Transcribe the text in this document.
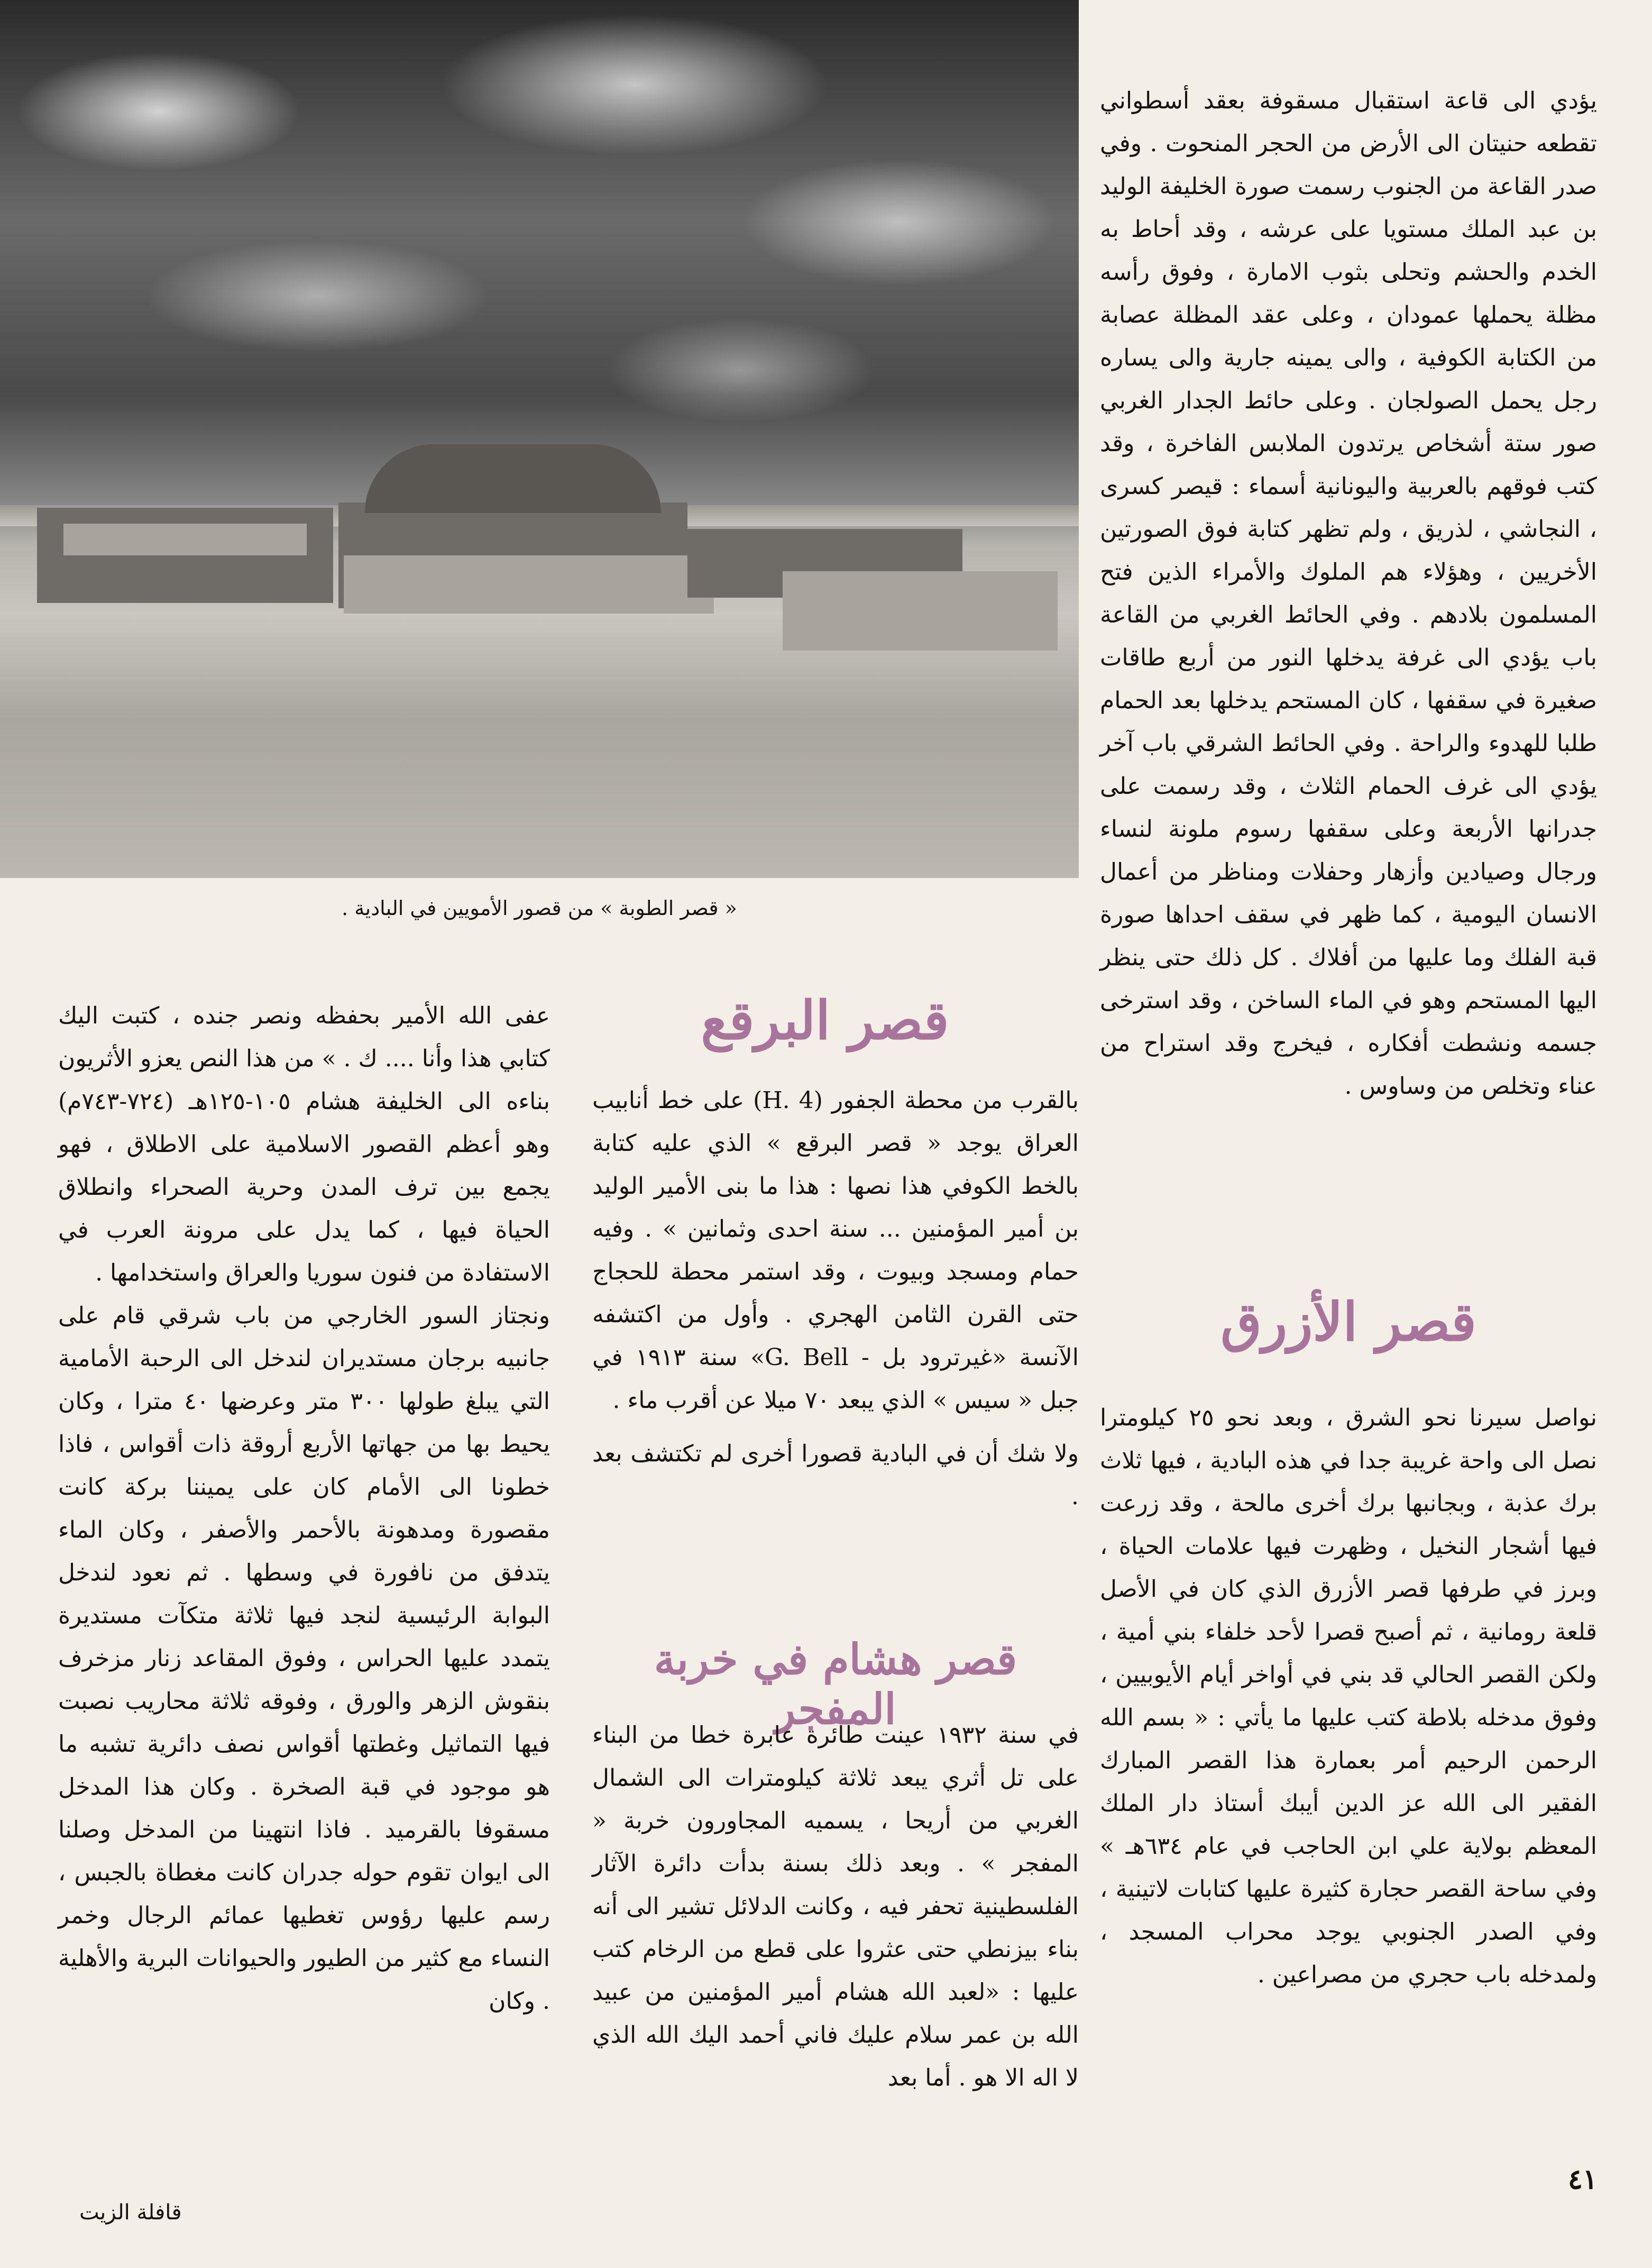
« قصر الطوبة » من قصور الأمويين في البادية .

يؤدي الى قاعة استقبال مسقوفة بعقد أسطواني تقطعه حنيتان الى الأرض من الحجر المنحوت . وفي صدر القاعة من الجنوب رسمت صورة الخليفة الوليد بن عبد الملك مستويا على عرشه ، وقد أحاط به الخدم والحشم وتحلى بثوب الامارة ، وفوق رأسه مظلة يحملها عمودان ، وعلى عقد المظلة عصابة من الكتابة الكوفية ، والى يمينه جارية والى يساره رجل يحمل الصولجان . وعلى حائط الجدار الغربي صور ستة أشخاص يرتدون الملابس الفاخرة ، وقد كتب فوقهم بالعربية واليونانية أسماء : قيصر كسرى ، النجاشي ، لذريق ، ولم تظهر كتابة فوق الصورتين الأخريين ، وهؤلاء هم الملوك والأمراء الذين فتح المسلمون بلادهم . وفي الحائط الغربي من القاعة باب يؤدي الى غرفة يدخلها النور من أربع طاقات صغيرة في سقفها ، كان المستحم يدخلها بعد الحمام طلبا للهدوء والراحة . وفي الحائط الشرقي باب آخر يؤدي الى غرف الحمام الثلاث ، وقد رسمت على جدرانها الأربعة وعلى سقفها رسوم ملونة لنساء ورجال وصيادين وأزهار وحفلات ومناظر من أعمال الانسان اليومية ، كما ظهر في سقف احداها صورة قبة الفلك وما عليها من أفلاك . كل ذلك حتى ينظر اليها المستحم وهو في الماء الساخن ، وقد استرخى جسمه ونشطت أفكاره ، فيخرج وقد استراح من عناء وتخلص من وساوس .

قصر الأزرق

نواصل سيرنا نحو الشرق ، وبعد نحو ٢٥ كيلومترا نصل الى واحة غريبة جدا في هذه البادية ، فيها ثلاث برك عذبة ، وبجانبها برك أخرى مالحة ، وقد زرعت فيها أشجار النخيل ، وظهرت فيها علامات الحياة ، وبرز في طرفها قصر الأزرق الذي كان في الأصل قلعة رومانية ، ثم أصبح قصرا لأحد خلفاء بني أمية ، ولكن القصر الحالي قد بني في أواخر أيام الأيوبيين ، وفوق مدخله بلاطة كتب عليها ما يأتي : « بسم الله الرحمن الرحيم أمر بعمارة هذا القصر المبارك الفقير الى الله عز الدين أيبك أستاذ دار الملك المعظم بولاية علي ابن الحاجب في عام ٦٣٤هـ » وفي ساحة القصر حجارة كثيرة عليها كتابات لاتينية ، وفي الصدر الجنوبي يوجد محراب المسجد ، ولمدخله باب حجري من مصراعين .

قصر البرقع

بالقرب من محطة الجفور (H. 4) على خط أنابيب العراق يوجد « قصر البرقع » الذي عليه كتابة بالخط الكوفي هذا نصها : هذا ما بنى الأمير الوليد بن أمير المؤمنين ... سنة احدى وثمانين » . وفيه حمام ومسجد وبيوت ، وقد استمر محطة للحجاج حتى القرن الثامن الهجري . وأول من اكتشفه الآنسة «غيرترود بل - G. Bell» سنة ١٩١٣ في جبل « سيس » الذي يبعد ٧٠ ميلا عن أقرب ماء .

ولا شك أن في البادية قصورا أخرى لم تكتشف بعد .

قصر هشام في خربة المفجر

في سنة ١٩٣٢ عينت طائرة عابرة خطا من البناء على تل أثري يبعد ثلاثة كيلومترات الى الشمال الغربي من أريحا ، يسميه المجاورون خربة « المفجر » . وبعد ذلك بسنة بدأت دائرة الآثار الفلسطينية تحفر فيه ، وكانت الدلائل تشير الى أنه بناء بيزنطي حتى عثروا على قطع من الرخام كتب عليها : «لعبد الله هشام أمير المؤمنين من عبيد الله بن عمر سلام عليك فاني أحمد اليك الله الذي لا اله الا هو . أما بعد

عفى الله الأمير بحفظه ونصر جنده ، كتبت اليك كتابي هذا وأنا .... ك . » من هذا النص يعزو الأثريون بناءه الى الخليفة هشام ١٠٥-١٢٥هـ (٧٢٤-٧٤٣م) وهو أعظم القصور الاسلامية على الاطلاق ، فهو يجمع بين ترف المدن وحرية الصحراء وانطلاق الحياة فيها ، كما يدل على مرونة العرب في الاستفادة من فنون سوريا والعراق واستخدامها .

ونجتاز السور الخارجي من باب شرقي قام على جانبيه برجان مستديران لندخل الى الرحبة الأمامية التي يبلغ طولها ٣٠٠ متر وعرضها ٤٠ مترا ، وكان يحيط بها من جهاتها الأربع أروقة ذات أقواس ، فاذا خطونا الى الأمام كان على يميننا بركة كانت مقصورة ومدهونة بالأحمر والأصفر ، وكان الماء يتدفق من نافورة في وسطها . ثم نعود لندخل البوابة الرئيسية لنجد فيها ثلاثة متكآت مستديرة يتمدد عليها الحراس ، وفوق المقاعد زنار مزخرف بنقوش الزهر والورق ، وفوقه ثلاثة محاريب نصبت فيها التماثيل وغطتها أقواس نصف دائرية تشبه ما هو موجود في قبة الصخرة . وكان هذا المدخل مسقوفا بالقرميد . فاذا انتهينا من المدخل وصلنا الى ايوان تقوم حوله جدران كانت مغطاة بالجبس ، رسم عليها رؤوس تغطيها عمائم الرجال وخمر النساء مع كثير من الطيور والحيوانات البرية والأهلية . وكان

٤١
قافلة الزيت
